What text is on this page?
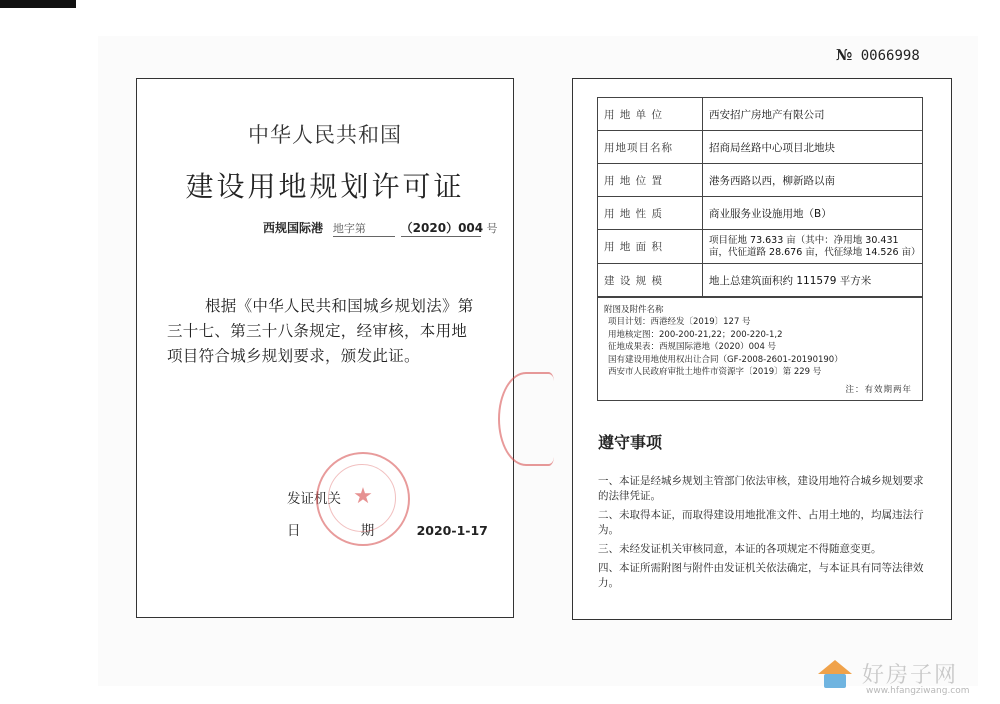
中华人民共和国
建设用地规划许可证
西规国际港 地字第	（2020）004 号
根据《中华人民共和国城乡规划法》第
三十七、第三十八条规定，经审核，本用地
项目符合城乡规划要求，颁发此证。
发证机关
日 期 2020-1-17
★
№ 0066998
用 地 单 位	西安招广房地产有限公司
用地项目名称	招商局丝路中心项目北地块
用 地 位 置	港务西路以西，柳新路以南
用 地 性 质	商业服务业设施用地（B）
用 地 面 积	项目征地 73.633 亩（其中：净用地 30.431 亩，代征道路 28.676 亩，代征绿地 14.526 亩）
建 设 规 模	地上总建筑面积约 111579 平方米
附图及附件名称
项目计划：西港经发〔2019〕127 号
用地核定图：200-200-21,22；200-220-1,2
征地成果表：西规国际港地（2020）004 号
国有建设用地使用权出让合同（GF-2008-2601-20190190）
西安市人民政府审批土地件市资源字〔2019〕第 229 号
注：有效期两年
遵守事项
一、本证是经城乡规划主管部门依法审核，建设用地符合城乡规划要求的法律凭证。
二、未取得本证，而取得建设用地批准文件、占用土地的，均属违法行为。
三、未经发证机关审核同意，本证的各项规定不得随意变更。
四、本证所需附图与附件由发证机关依法确定，与本证具有同等法律效力。
好房子网
www.hfangziwang.com
